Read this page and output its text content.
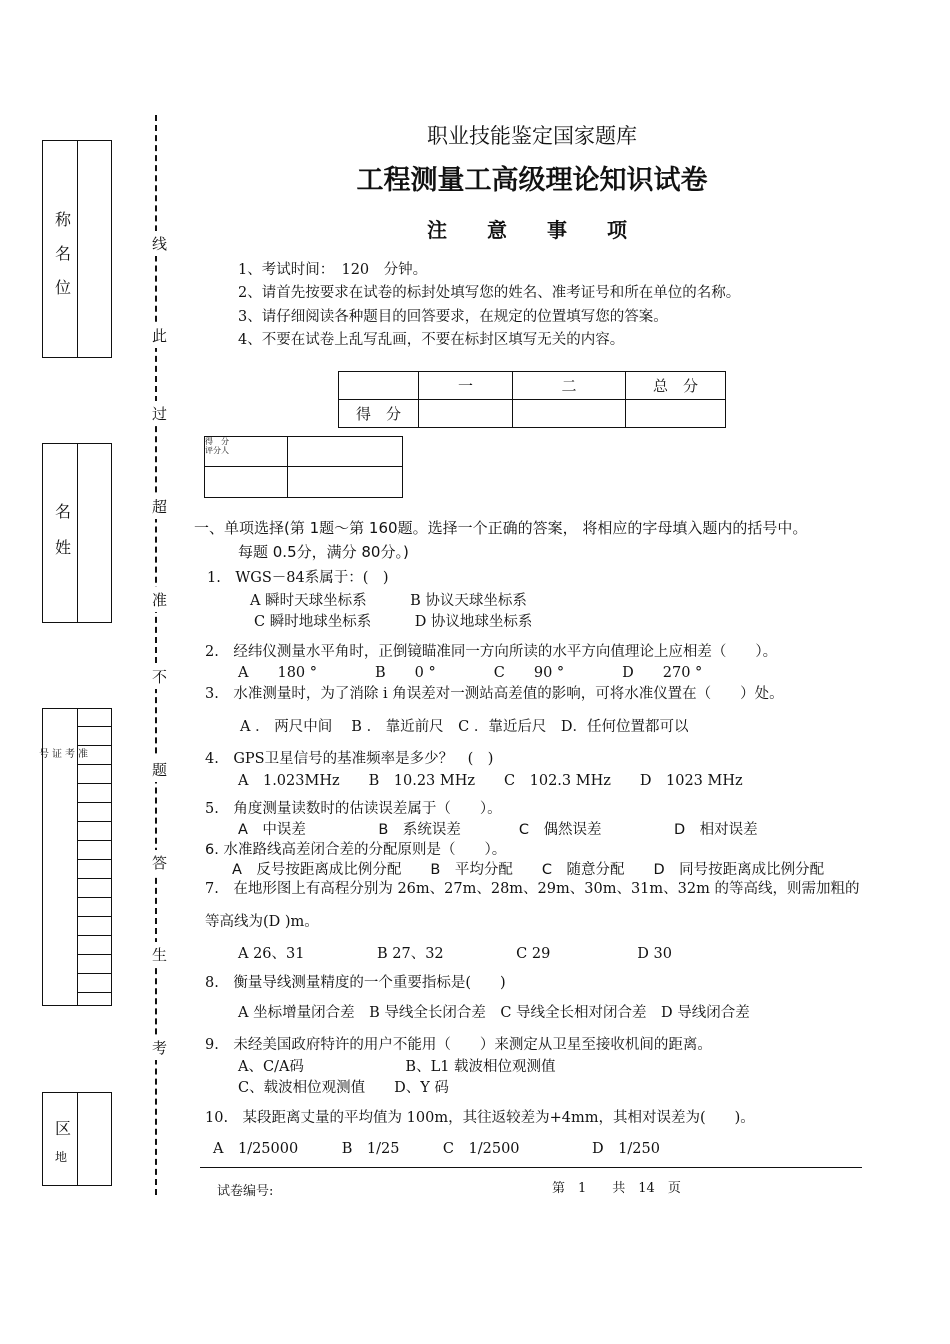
称
名
位
名
姓
号证考准
区
地
线
此
过
超
准
不
题
答
生
考
职业技能鉴定国家题库
工程测量工高级理论知识试卷
注　意　事　项
1、考试时间：　120　分钟。
2、请首先按要求在试卷的标封处填写您的姓名、准考证号和所在单位的名称。
3、请仔细阅读各种题目的回答要求，在规定的位置填写您的答案。
4、不要在试卷上乱写乱画，不要在标封区填写无关的内容。
	一	二	总　分
得　分			
得　分
评分人	

一、单项选择(第 1题～第 160题。选择一个正确的答案， 将相应的字母填入题内的括号中。
每题 0.5分，满分 80分。)
1.　WGS－84系属于：(　)
A 瞬时天球坐标系　　　B 协议天球坐标系
C 瞬时地球坐标系　　　D 协议地球坐标系
2.　经纬仪测量水平角时，正倒镜瞄准同一方向所读的水平方向值理论上应相差（　　）。
A　　180 °　　　　B　　0 °　　　　C　　90 °　　　　D　　270 °
3.　水准测量时，为了消除 i 角误差对一测站高差值的影响，可将水准仪置在（　　）处。
A ． 两尺中间　 B ． 靠近前尺　C ．靠近后尺　D．任何位置都可以
4.　GPS卫星信号的基准频率是多少？　(　)
A　1.023MHz　　B　10.23 MHz　　C　102.3 MHz　　D　1023 MHz
5.　角度测量读数时的估读误差属于（　　）。
A　中误差　　　　　B　系统误差　　　　C　偶然误差　　　　　D　相对误差
6. 水准路线高差闭合差的分配原则是（　　）。
A　反号按距离成比例分配　　B　平均分配　　C　随意分配　　D　同号按距离成比例分配
7.　在地形图上有高程分别为 26m、27m、28m、29m、30m、31m、32m 的等高线，则需加粗的
等高线为(D )m。
A 26、31　　　　　B 27、32　　　　　C 29　　　　　　D 30
8.　衡量导线测量精度的一个重要指标是(　　)
A 坐标增量闭合差　B 导线全长闭合差　C 导线全长相对闭合差　D 导线闭合差
9.　未经美国政府特许的用户不能用（　　）来测定从卫星至接收机间的距离。
A、C/A码　　　　　　　B、L1 载波相位观测值
C、载波相位观测值　　D、Y 码
10.　某段距离丈量的平均值为 100m，其往返较差为+4mm，其相对误差为(　　)。
A　1/25000　　　B　1/25　　　C　1/2500　　　　　D　1/250
试卷编号:	第　1　　共　14　页
